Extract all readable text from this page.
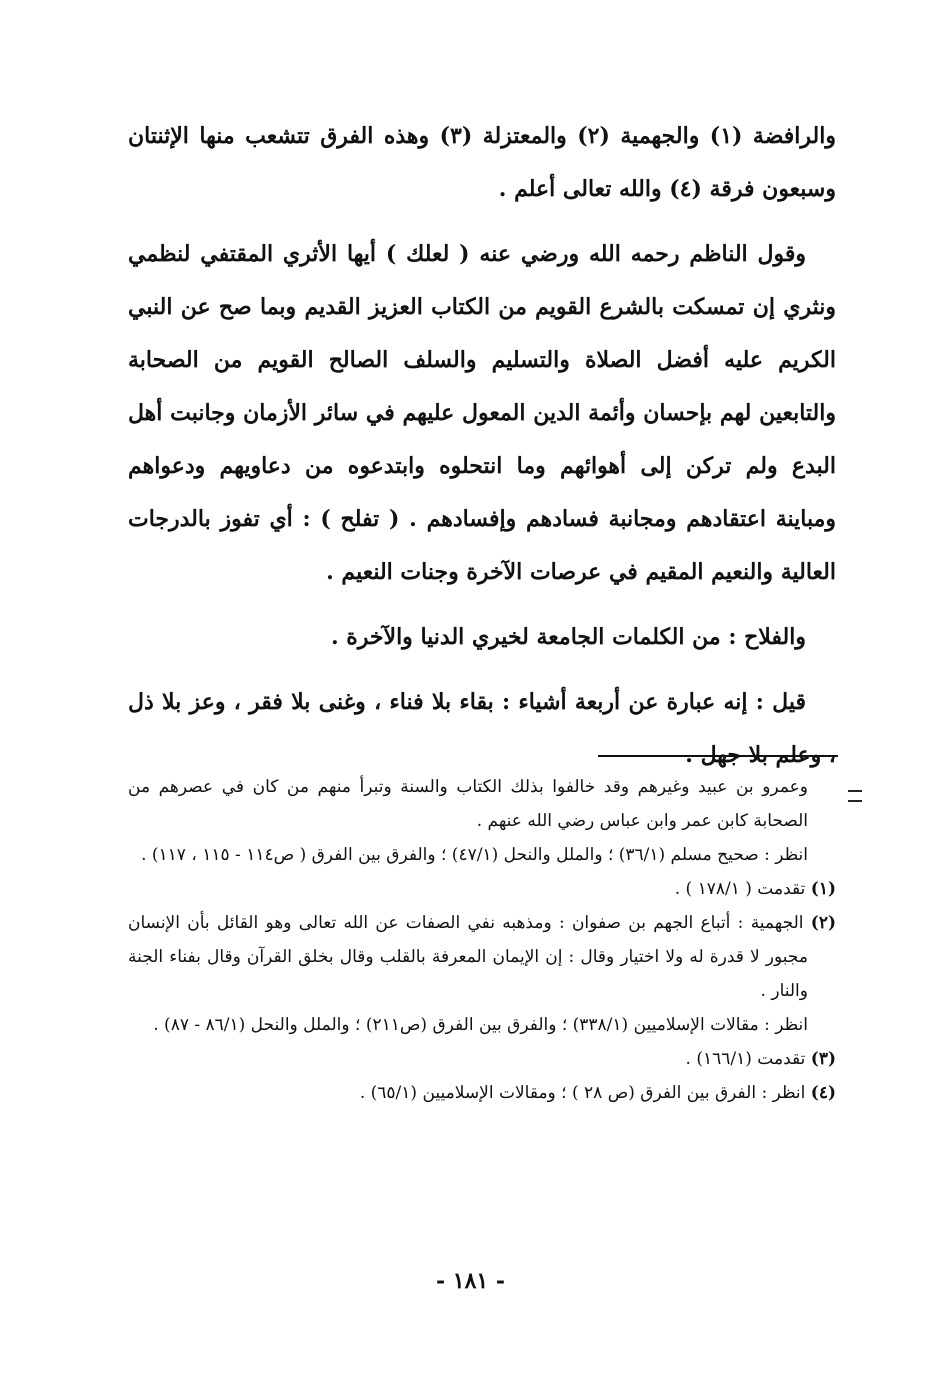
والرافضة (١) والجهمية (٢) والمعتزلة (٣) وهذه الفرق تتشعب منها الإثنتان وسبعون فرقة (٤) والله تعالى أعلم .

وقول الناظم رحمه الله ورضي عنه ( لعلك ) أيها الأثري المقتفي لنظمي ونثري إن تمسكت بالشرع القويم من الكتاب العزيز القديم وبما صح عن النبي الكريم عليه أفضل الصلاة والتسليم والسلف الصالح القويم من الصحابة والتابعين لهم بإحسان وأئمة الدين المعول عليهم في سائر الأزمان وجانبت أهل البدع ولم تركن إلى أهوائهم وما انتحلوه وابتدعوه من دعاويهم ودعواهم ومباينة اعتقادهم ومجانبة فسادهم وإفسادهم . ( تفلح ) : أي تفوز بالدرجات العالية والنعيم المقيم في عرصات الآخرة وجنات النعيم .

والفلاح : من الكلمات الجامعة لخيري الدنيا والآخرة .

قيل : إنه عبارة عن أربعة أشياء : بقاء بلا فناء ، وغنى بلا فقر ، وعز بلا ذل ، وعلم بلا جهل .

وعمرو بن عبيد وغيرهم وقد خالفوا بذلك الكتاب والسنة وتبرأ منهم من كان في عصرهم من الصحابة كابن عمر وابن عباس رضي الله عنهم .

انظر : صحيح مسلم (٣٦/١) ؛ والملل والنحل (٤٧/١) ؛ والفرق بين الفرق ( ص١١٤ - ١١٥ ، ١١٧) .

(١) تقدمت ( ١٧٨/١ ) .

(٢) الجهمية : أتباع الجهم بن صفوان : ومذهبه نفي الصفات عن الله تعالى وهو القائل بأن الإنسان مجبور لا قدرة له ولا اختيار وقال : إن الإيمان المعرفة بالقلب وقال بخلق القرآن وقال بفناء الجنة والنار .

انظر : مقالات الإسلاميين (٣٣٨/١) ؛ والفرق بين الفرق (ص٢١١) ؛ والملل والنحل (٨٦/١ - ٨٧) .

(٣) تقدمت (١٦٦/١) .

(٤) انظر : الفرق بين الفرق (ص ٢٨ ) ؛ ومقالات الإسلاميين (٦٥/١) .

- ١٨١ -
